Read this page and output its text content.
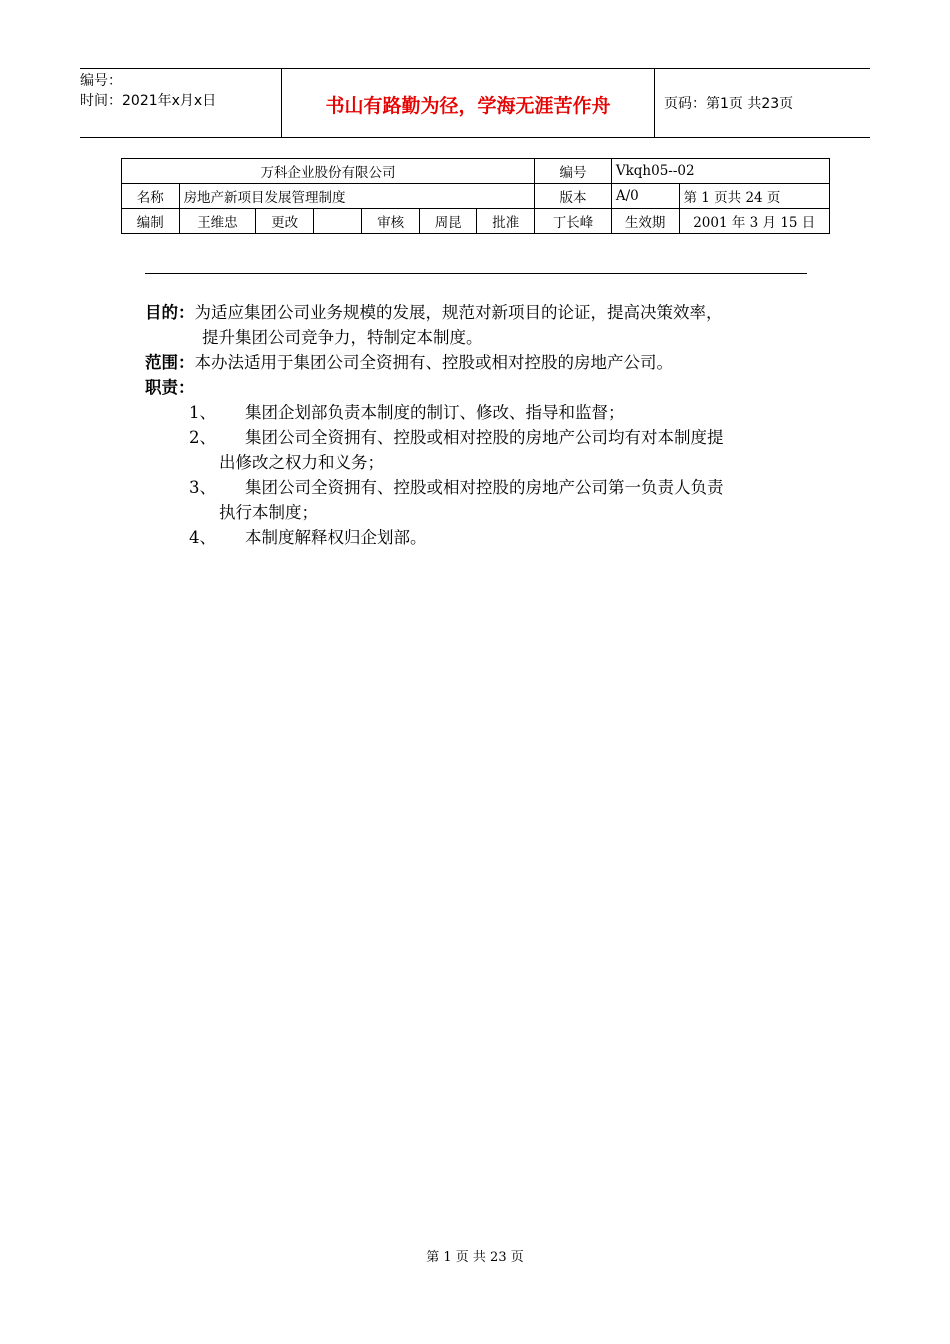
编号：
时间：2021年x月x日	书山有路勤为径，学海无涯苦作舟	页码：第1页 共23页
万科企业股份有限公司							编号	Vkqh05--02	
名称	房地产新项目发展管理制度						版本	A/0	第 1 页共 24 页
编制	王维忠	更改		审核	周昆	批准	丁长峰	生效期	2001 年 3 月 15 日

目的：为适应集团公司业务规模的发展，规范对新项目的论证，提高决策效率，

提升集团公司竞争力，特制定本制度。

范围：本办法适用于集团公司全资拥有、控股或相对控股的房地产公司。

职责：

1、 集团企划部负责本制度的制订、修改、指导和监督；
2、 集团公司全资拥有、控股或相对控股的房地产公司均有对本制度提

出修改之权力和义务；

3、 集团公司全资拥有、控股或相对控股的房地产公司第一负责人负责

执行本制度；

4、 本制度解释权归企划部。
第 1 页 共 23 页
